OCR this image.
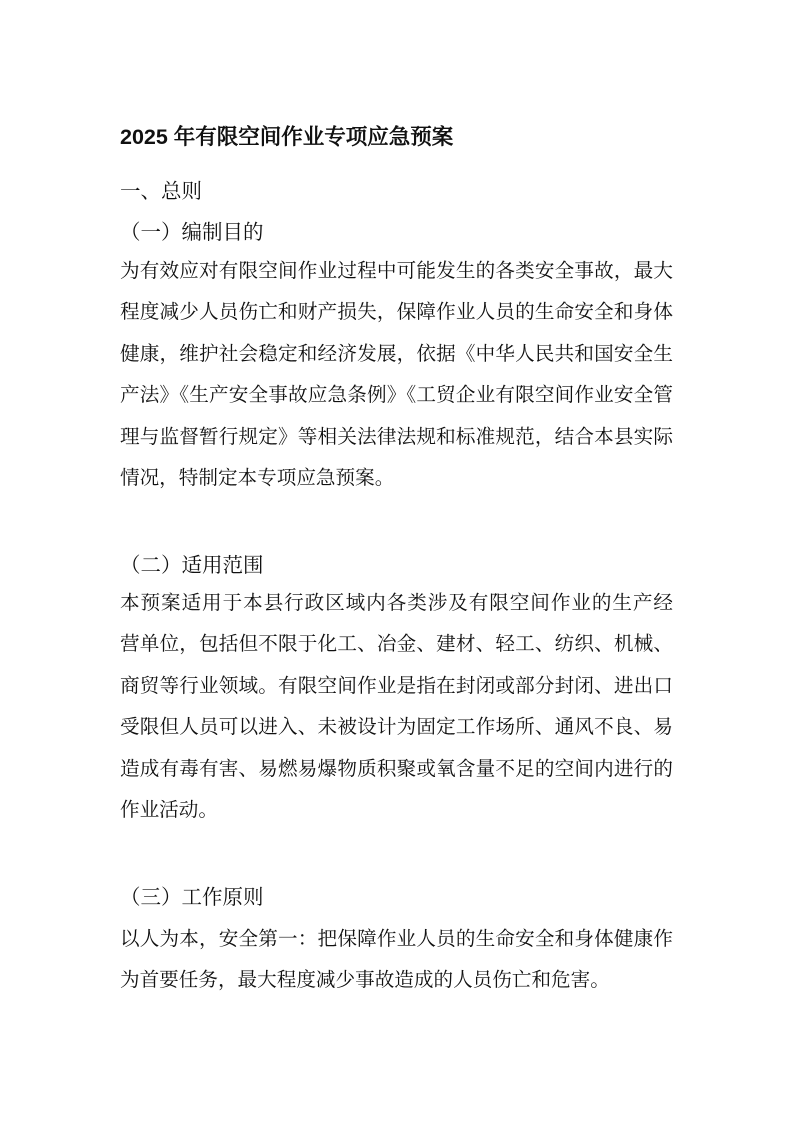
2025 年有限空间作业专项应急预案
一、总则
（一）编制目的
为有效应对有限空间作业过程中可能发生的各类安全事故，最大
程度减少人员伤亡和财产损失，保障作业人员的生命安全和身体
健康，维护社会稳定和经济发展，依据《中华人民共和国安全生
产法》《生产安全事故应急条例》《工贸企业有限空间作业安全管
理与监督暂行规定》等相关法律法规和标准规范，结合本县实际
情况，特制定本专项应急预案。
（二）适用范围
本预案适用于本县行政区域内各类涉及有限空间作业的生产经
营单位，包括但不限于化工、冶金、建材、轻工、纺织、机械、
商贸等行业领域。有限空间作业是指在封闭或部分封闭、进出口
受限但人员可以进入、未被设计为固定工作场所、通风不良、易
造成有毒有害、易燃易爆物质积聚或氧含量不足的空间内进行的
作业活动。
（三）工作原则
以人为本，安全第一：把保障作业人员的生命安全和身体健康作
为首要任务，最大程度减少事故造成的人员伤亡和危害。
